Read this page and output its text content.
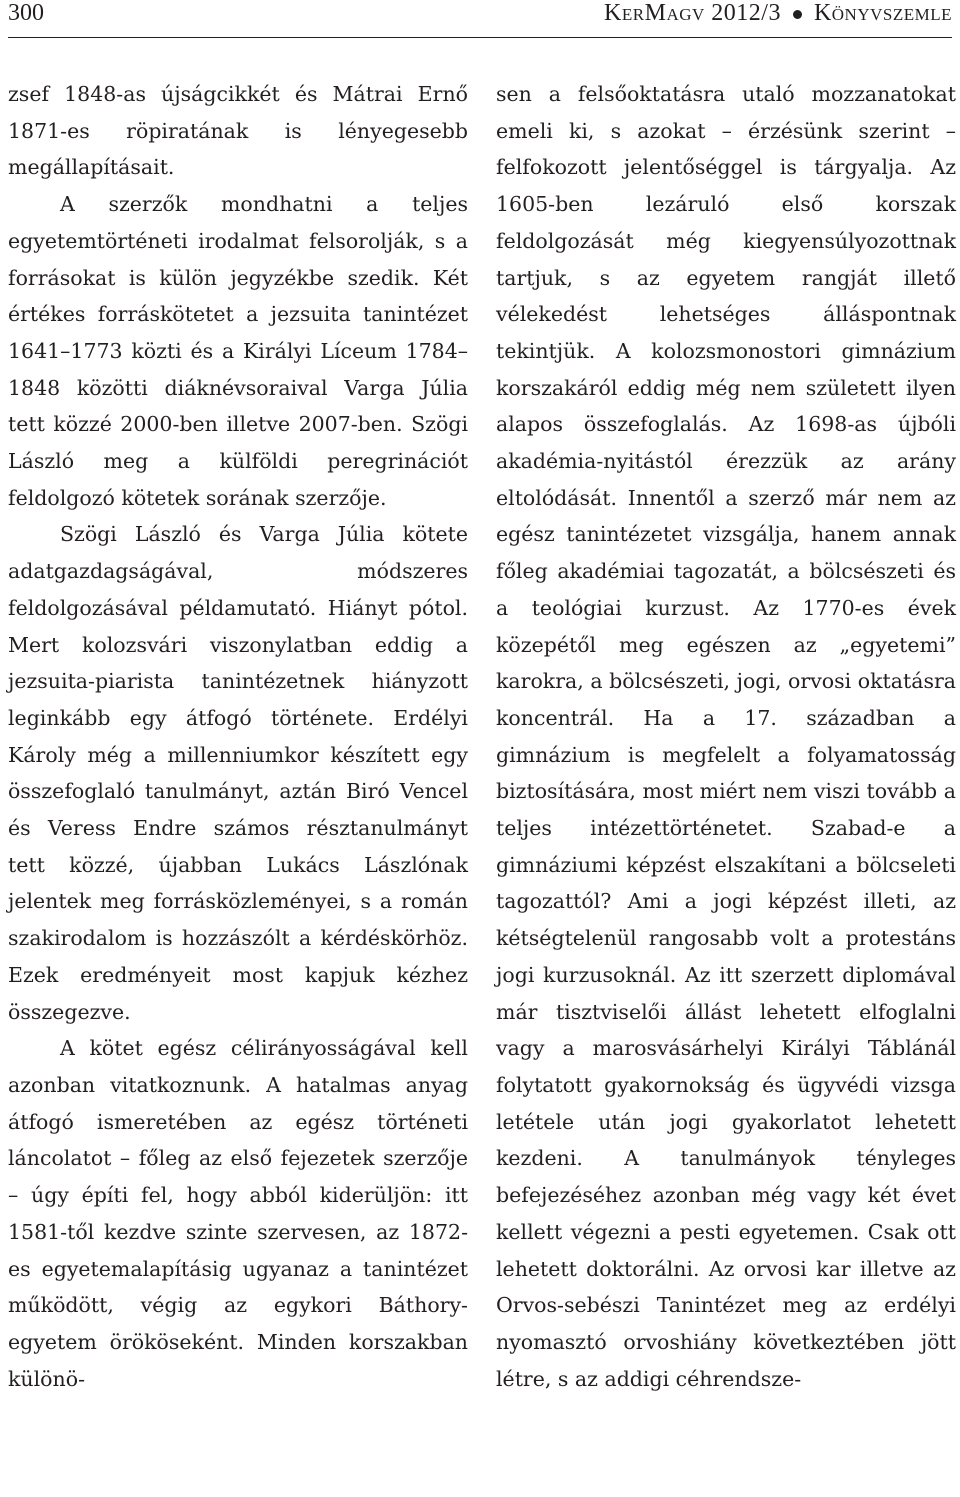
300	KerMagv 2012/3 Könyvszemle

zsef 1848-as újságcikkét és Mátrai Ernő 1871-es röpiratának is lényegesebb megállapításait.

A szerzők mondhatni a teljes egyetemtörténeti irodalmat felsorolják, s a forrásokat is külön jegyzékbe szedik. Két értékes forráskötetet a jezsuita tanintézet 1641–1773 közti és a Királyi Líceum 1784–1848 közötti diáknévsoraival Varga Júlia tett közzé 2000-ben illetve 2007-ben. Szögi László meg a külföldi peregrinációt feldolgozó kötetek sorának szerzője.

Szögi László és Varga Júlia kötete adatgazdagságával, módszeres feldolgozásával példamutató. Hiányt pótol. Mert kolozsvári viszonylatban eddig a jezsuita-piarista tanintézetnek hiányzott leginkább egy átfogó története. Erdélyi Károly még a millenniumkor készített egy összefoglaló tanulmányt, aztán Biró Vencel és Veress Endre számos résztanulmányt tett közzé, újabban Lukács Lászlónak jelentek meg forrásközleményei, s a román szakirodalom is hozzászólt a kérdéskörhöz. Ezek eredményeit most kapjuk kézhez összegezve.

A kötet egész célirányosságával kell azonban vitatkoznunk. A hatalmas anyag átfogó ismeretében az egész történeti láncolatot – főleg az első fejezetek szerzője – úgy építi fel, hogy abból kiderüljön: itt 1581-től kezdve szinte szervesen, az 1872-es egyetemalapításig ugyanaz a tanintézet működött, végig az egykori Báthory-egyetem örököseként. Minden korszakban különö-

sen a felsőoktatásra utaló mozzanatokat emeli ki, s azokat – érzésünk szerint – felfokozott jelentőséggel is tárgyalja. Az 1605-ben lezáruló első korszak feldolgozását még kiegyensúlyozottnak tartjuk, s az egyetem rangját illető vélekedést lehetséges álláspontnak tekintjük. A kolozsmonostori gimnázium korszakáról eddig még nem született ilyen alapos összefoglalás. Az 1698-as újbóli akadémia-nyitástól érezzük az arány eltolódását. Innentől a szerző már nem az egész tanintézetet vizsgálja, hanem annak főleg akadémiai tagozatát, a bölcsészeti és a teológiai kurzust. Az 1770-es évek közepétől meg egészen az „egyetemi” karokra, a bölcsészeti, jogi, orvosi oktatásra koncentrál. Ha a 17. században a gimnázium is megfelelt a folyamatosság biztosítására, most miért nem viszi tovább a teljes intézettörténetet. Szabad-e a gimnáziumi képzést elszakítani a bölcseleti tagozattól? Ami a jogi képzést illeti, az kétségtelenül rangosabb volt a protestáns jogi kurzusoknál. Az itt szerzett diplomával már tisztviselői állást lehetett elfoglalni vagy a marosvásárhelyi Királyi Táblánál folytatott gyakornokság és ügyvédi vizsga letétele után jogi gyakorlatot lehetett kezdeni. A tanulmányok tényleges befejezéséhez azonban még vagy két évet kellett végezni a pesti egyetemen. Csak ott lehetett doktorálni. Az orvosi kar illetve az Orvos-sebészi Tanintézet meg az erdélyi nyomasztó orvoshiány következtében jött létre, s az addigi céhrendsze-
